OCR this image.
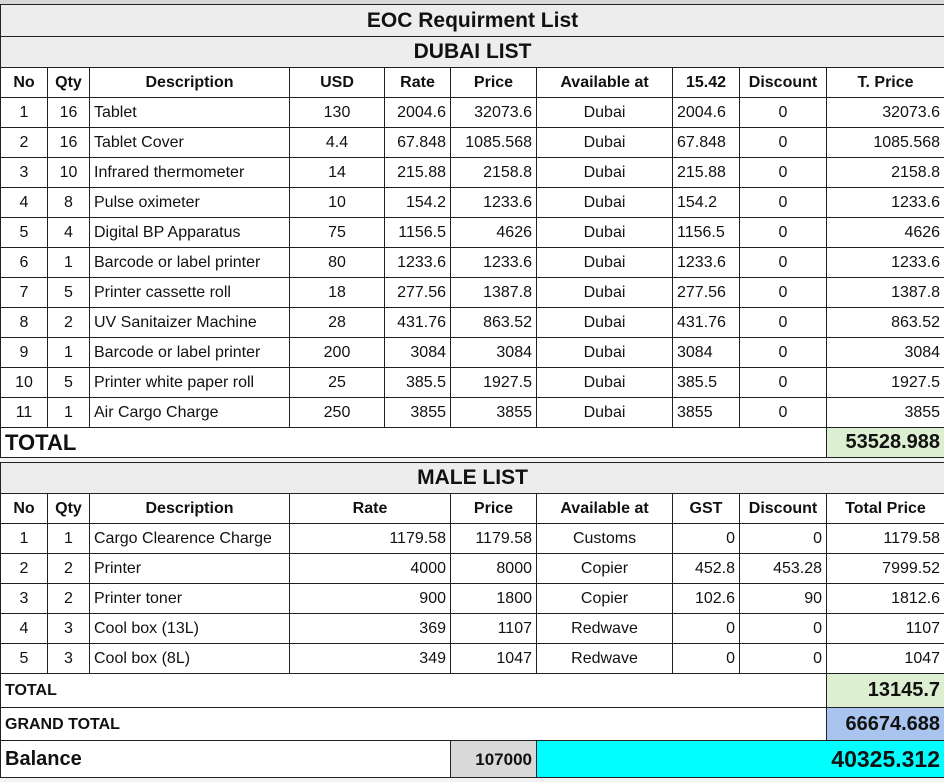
EOC Requirment List									
DUBAI LIST									
No	Qty	Description	USD	Rate	Price	Available at	15.42	Discount	T. Price
1	16	Tablet	130	2004.6	32073.6	Dubai	2004.6	0	32073.6
2	16	Tablet Cover	4.4	67.848	1085.568	Dubai	67.848	0	1085.568
3	10	Infrared thermometer	14	215.88	2158.8	Dubai	215.88	0	2158.8
4	8	Pulse oximeter	10	154.2	1233.6	Dubai	154.2	0	1233.6
5	4	Digital BP Apparatus	75	1156.5	4626	Dubai	1156.5	0	4626
6	1	Barcode or label printer	80	1233.6	1233.6	Dubai	1233.6	0	1233.6
7	5	Printer cassette roll	18	277.56	1387.8	Dubai	277.56	0	1387.8
8	2	UV Sanitaizer Machine	28	431.76	863.52	Dubai	431.76	0	863.52
9	1	Barcode or label printer	200	3084	3084	Dubai	3084	0	3084
10	5	Printer white paper roll	25	385.5	1927.5	Dubai	385.5	0	1927.5
11	1	Air Cargo Charge	250	3855	3855	Dubai	3855	0	3855
TOTAL									53528.988
MALE LIST								
No	Qty	Description	Rate	Price	Available at	GST	Discount	Total Price
1	1	Cargo Clearence Charge	1179.58	1179.58	Customs	0	0	1179.58
2	2	Printer	4000	8000	Copier	452.8	453.28	7999.52
3	2	Printer toner	900	1800	Copier	102.6	90	1812.6
4	3	Cool box (13L)	369	1107	Redwave	0	0	1107
5	3	Cool box (8L)	349	1047	Redwave	0	0	1047
TOTAL								13145.7
GRAND TOTAL								66674.688
Balance				107000	40325.312			
